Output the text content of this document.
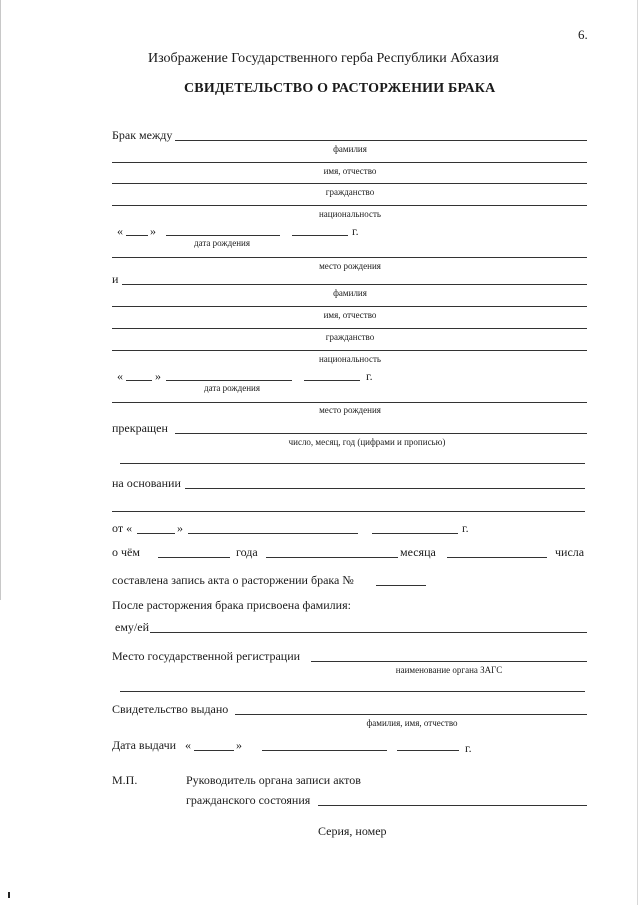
6.
Изображение Государственного герба Республики Абхазия
СВИДЕТЕЛЬСТВО О РАСТОРЖЕНИИ БРАКА
Брак между
фамилия
имя, отчество
гражданство
национальность
« »	г.
дата рождения
место рождения
и
фамилия
имя, отчество
гражданство
национальность
«	»	г.
дата рождения
место рождения
прекращен
число, месяц, год (цифрами и прописью)
на основании
от «	»	г.
о чём	года	месяца	числа
составлена запись акта о расторжении брака №
После расторжения брака присвоена фамилия:
ему/ей
Место государственной регистрации
наименование органа ЗАГС
Свидетельство выдано
фамилия, имя, отчество
Дата выдачи «	»	г.
М.П.	Руководитель органа записи актов
гражданского состояния
Серия, номер
